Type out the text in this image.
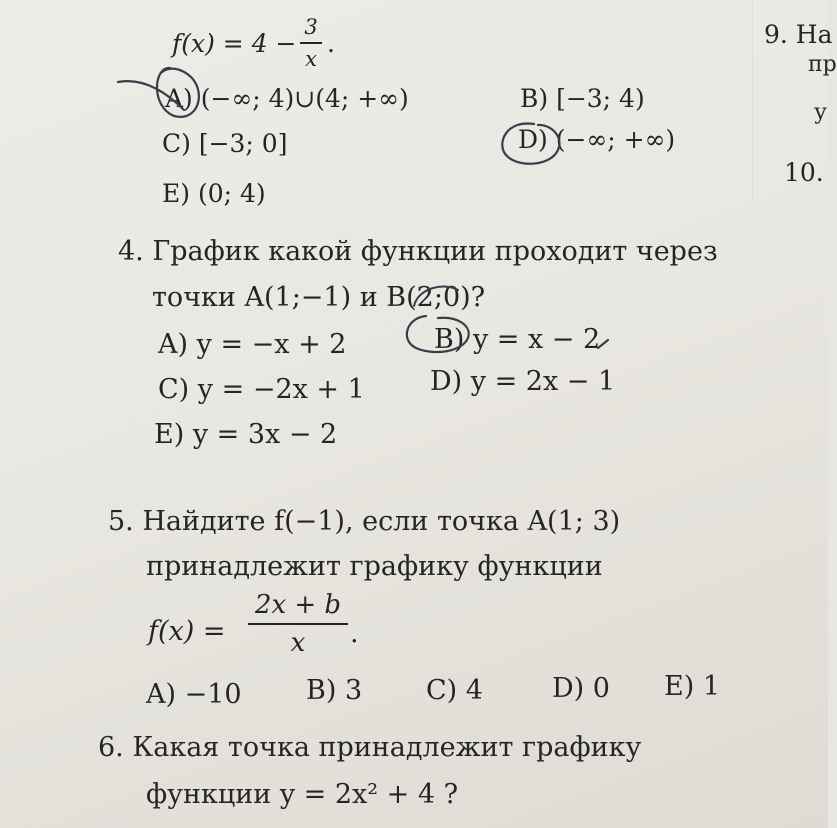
f(x) = 4 −
3
x
.
A) (−∞; 4)∪(4; +∞)	B) [−3; 4)
C) [−3; 0]	D) (−∞; +∞)
E) (0; 4)
9. На
пр
у
10.
4. График какой функции проходит через
точки A(1;−1) и B(2;0)?
A) y = −x + 2	B) y = x − 2
C) y = −2x + 1 D) y = 2x − 1
E) y = 3x − 2
5. Найдите f(−1), если точка A(1; 3)
принадлежит графику функции
f(x) =
2x + b
x	.
A) −10 B) 3 C) 4	D) 0 E) 1
6. Какая точка принадлежит графику
функции y = 2x² + 4 ?
